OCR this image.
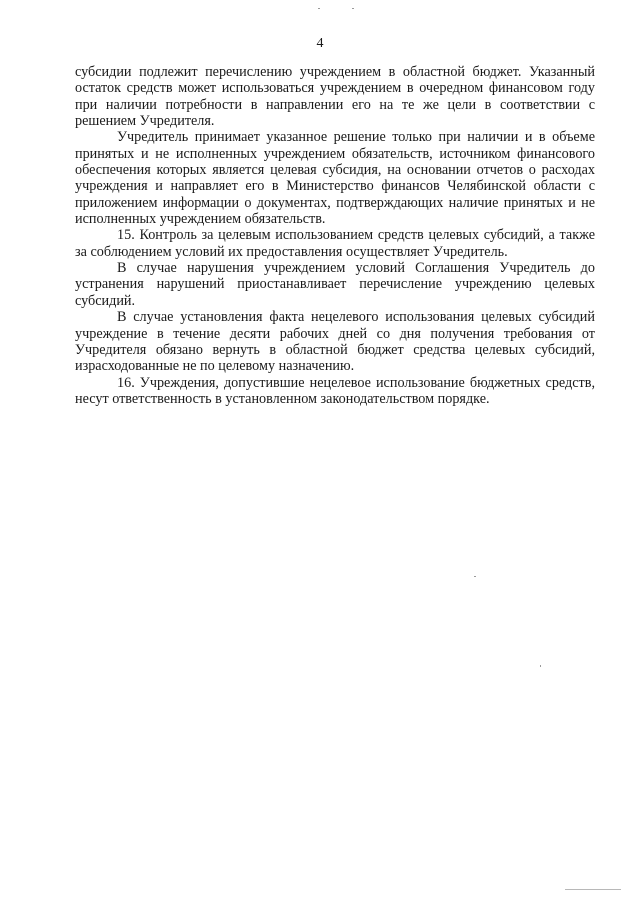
4

субсидии подлежит перечислению учреждением в областной бюджет. Указанный остаток средств может использоваться учреждением в очередном финансовом году при наличии потребности в направлении его на те же цели в соответствии с решением Учредителя.

Учредитель принимает указанное решение только при наличии и в объеме принятых и не исполненных учреждением обязательств, источником финансового обеспечения которых является целевая субсидия, на основании отчетов о расходах учреждения и направляет его в Министерство финансов Челябинской области с приложением информации о документах, подтверждающих наличие принятых и не исполненных учреждением обязательств.

15. Контроль за целевым использованием средств целевых субсидий, а также за соблюдением условий их предоставления осуществляет Учредитель.

В случае нарушения учреждением условий Соглашения Учредитель до устранения нарушений приостанавливает перечисление учреждению целевых субсидий.

В случае установления факта нецелевого использования целевых субсидий учреждение в течение десяти рабочих дней со дня получения требования от Учредителя обязано вернуть в областной бюджет средства целевых субсидий, израсходованные не по целевому назначению.

16. Учреждения, допустившие нецелевое использование бюджетных средств, несут ответственность в установленном законодательством порядке.
